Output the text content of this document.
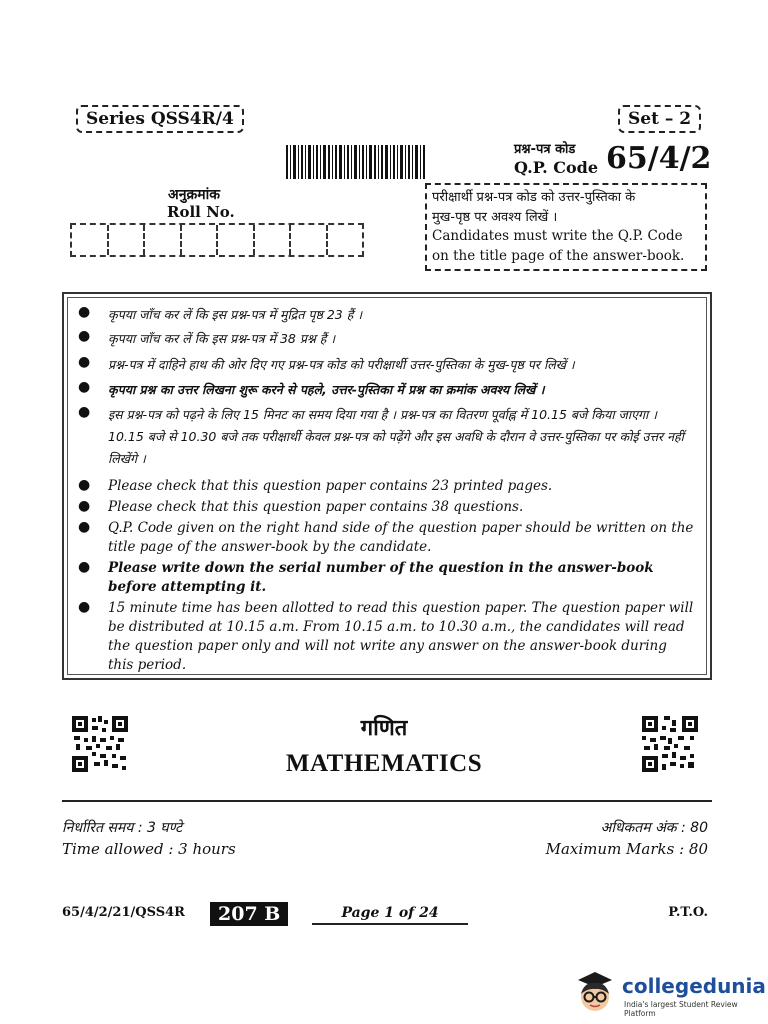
Series QSS4R/4	Set – 2
प्रश्न-पत्र कोड
Q.P. Code 65/4/2
अनुक्रमांक
Roll No.
परीक्षार्थी प्रश्न-पत्र कोड को उत्तर-पुस्तिका के
मुख-पृष्ठ पर अवश्य लिखें ।
Candidates must write the Q.P. Code
on the title page of the answer-book.
● कृपया जाँच कर लें कि इस प्रश्न-पत्र में मुद्रित पृष्ठ 23 हैं ।
● कृपया जाँच कर लें कि इस प्रश्न-पत्र में 38 प्रश्न हैं ।
● प्रश्न-पत्र में दाहिने हाथ की ओर दिए गए प्रश्न-पत्र कोड को परीक्षार्थी उत्तर-पुस्तिका के मुख-पृष्ठ पर लिखें ।
● कृपया प्रश्न का उत्तर लिखना शुरू करने से पहले, उत्तर-पुस्तिका में प्रश्न का क्रमांक अवश्य लिखें ।
● इस प्रश्न-पत्र को पढ़ने के लिए 15 मिनट का समय दिया गया है । प्रश्न-पत्र का वितरण पूर्वाह्न में 10.15 बजे किया जाएगा । 10.15 बजे से 10.30 बजे तक परीक्षार्थी केवल प्रश्न-पत्र को पढ़ेंगे और इस अवधि के दौरान वे उत्तर-पुस्तिका पर कोई उत्तर नहीं लिखेंगे ।
● Please check that this question paper contains 23 printed pages.
● Please check that this question paper contains 38 questions.
● Q.P. Code given on the right hand side of the question paper should be written on the title page of the answer-book by the candidate.
● Please write down the serial number of the question in the answer-book before attempting it.
● 15 minute time has been allotted to read this question paper. The question paper will be distributed at 10.15 a.m. From 10.15 a.m. to 10.30 a.m., the candidates will read the question paper only and will not write any answer on the answer-book during this period.
गणित
MATHEMATICS
निर्धारित समय : 3 घण्टे
Time allowed : 3 hours
अधिकतम अंक : 80
Maximum Marks : 80
65/4/2/21/QSS4R	207 B	Page 1 of 24	P.T.O.
collegedunia
India's largest Student Review Platform
